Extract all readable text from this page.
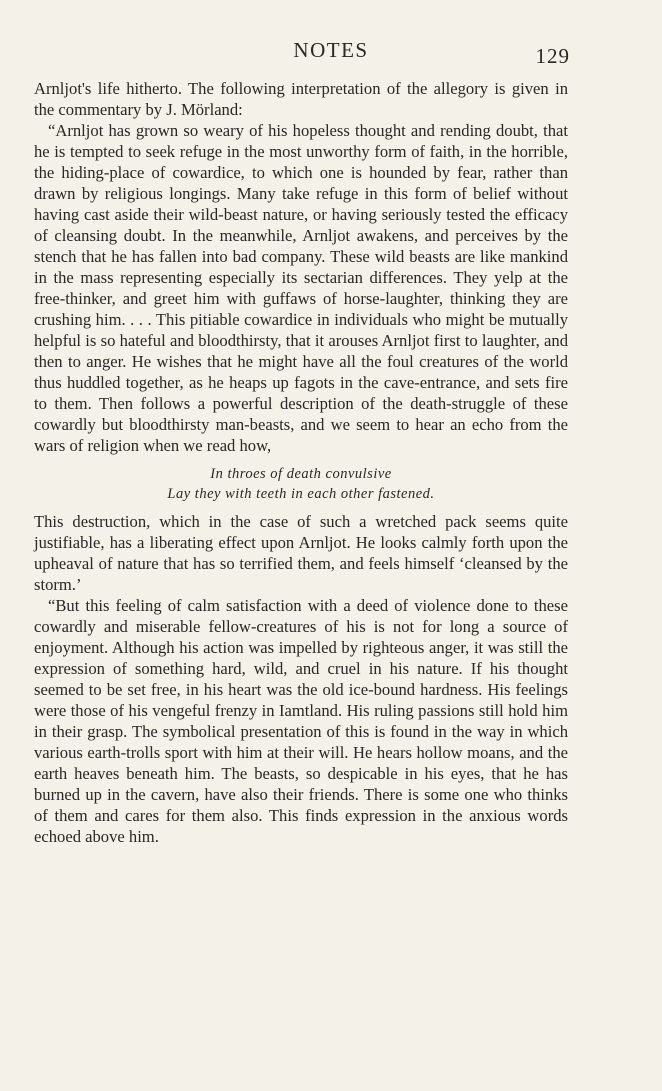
NOTES	129

Arnljot's life hitherto. The following interpretation of the allegory is given in the commentary by J. Mörland:

“Arnljot has grown so weary of his hopeless thought and rending doubt, that he is tempted to seek refuge in the most unworthy form of faith, in the horrible, the hiding-place of cowardice, to which one is hounded by fear, rather than drawn by religious longings. Many take refuge in this form of belief without having cast aside their wild-beast nature, or having seriously tested the efficacy of cleansing doubt. In the meanwhile, Arnljot awakens, and perceives by the stench that he has fallen into bad company. These wild beasts are like mankind in the mass representing especially its sectarian differences. They yelp at the free-thinker, and greet him with guffaws of horse-laughter, thinking they are crushing him. . . . This pitiable cowardice in individuals who might be mutually helpful is so hateful and bloodthirsty, that it arouses Arnljot first to laughter, and then to anger. He wishes that he might have all the foul creatures of the world thus huddled together, as he heaps up fagots in the cave-entrance, and sets fire to them. Then follows a powerful description of the death-struggle of these cowardly but bloodthirsty man-beasts, and we seem to hear an echo from the wars of religion when we read how,

In throes of death convulsive
Lay they with teeth in each other fastened.

This destruction, which in the case of such a wretched pack seems quite justifiable, has a liberating effect upon Arnljot. He looks calmly forth upon the upheaval of nature that has so terrified them, and feels himself ‘cleansed by the storm.’

“But this feeling of calm satisfaction with a deed of violence done to these cowardly and miserable fellow-creatures of his is not for long a source of enjoyment. Although his action was impelled by righteous anger, it was still the expression of something hard, wild, and cruel in his nature. If his thought seemed to be set free, in his heart was the old ice-bound hardness. His feelings were those of his vengeful frenzy in Iamtland. His ruling passions still hold him in their grasp. The symbolical presentation of this is found in the way in which various earth-trolls sport with him at their will. He hears hollow moans, and the earth heaves beneath him. The beasts, so despicable in his eyes, that he has burned up in the cavern, have also their friends. There is some one who thinks of them and cares for them also. This finds expression in the anxious words echoed above him.
